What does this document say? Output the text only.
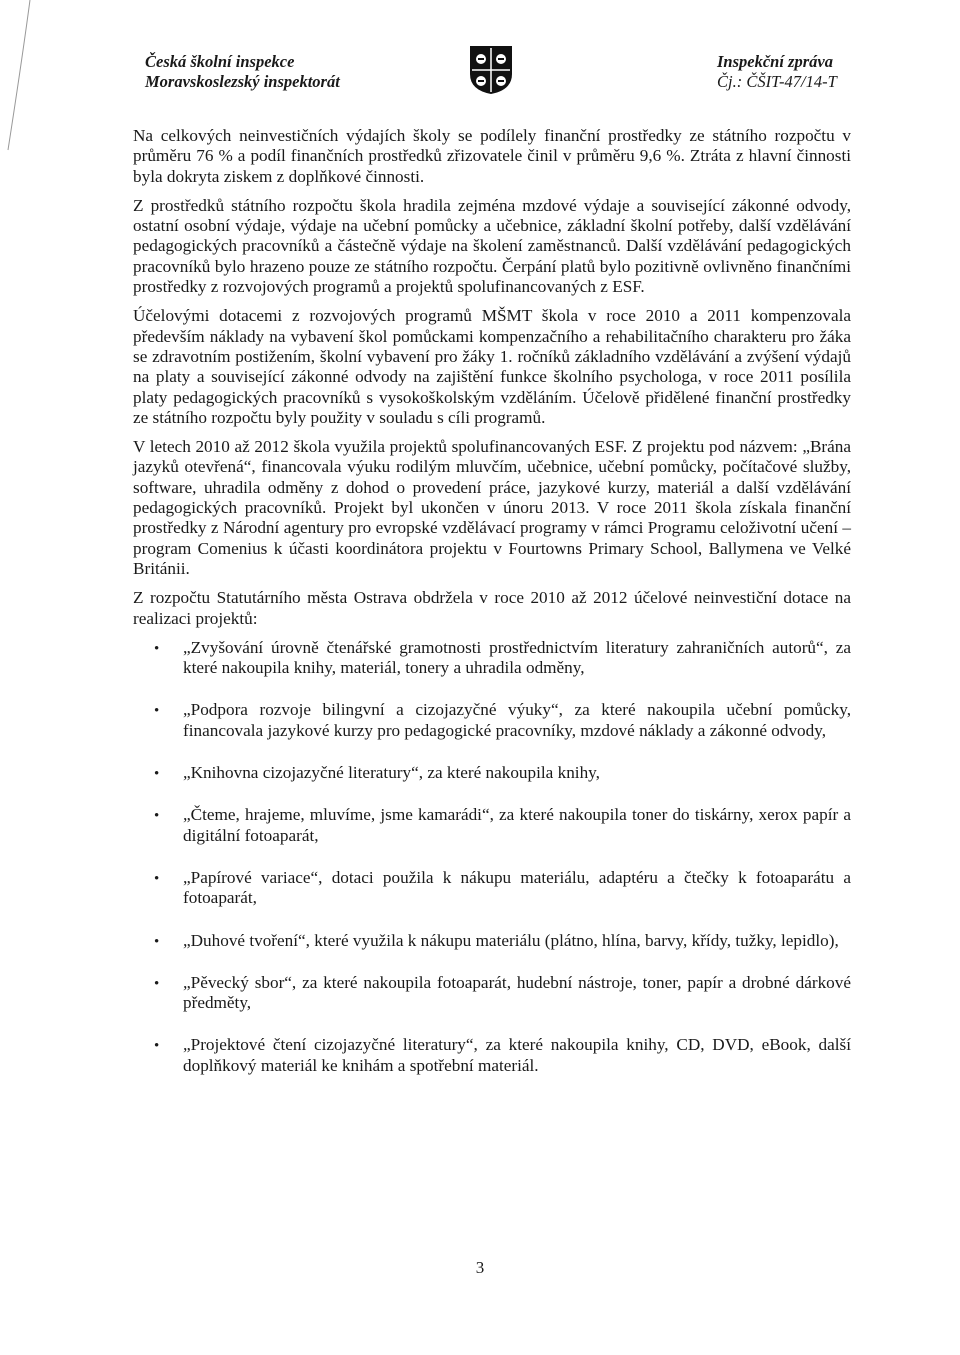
Česká školní inspekce
Moravskoslezský inspektorát
Inspekční zpráva
Čj.: ČŠIT-47/14-T

Na celkových neinvestičních výdajích školy se podílely finanční prostředky ze státního rozpočtu v průměru 76 % a podíl finančních prostředků zřizovatele činil v průměru 9,6 %. Ztráta z hlavní činnosti byla dokryta ziskem z doplňkové činnosti.

Z prostředků státního rozpočtu škola hradila zejména mzdové výdaje a související zákonné odvody, ostatní osobní výdaje, výdaje na učební pomůcky a učebnice, základní školní potřeby, další vzdělávání pedagogických pracovníků a částečně výdaje na školení zaměstnanců. Další vzdělávání pedagogických pracovníků bylo hrazeno pouze ze státního rozpočtu. Čerpání platů bylo pozitivně ovlivněno finančními prostředky z rozvojových programů a projektů spolufinancovaných z ESF.

Účelovými dotacemi z rozvojových programů MŠMT škola v roce 2010 a 2011 kompenzovala především náklady na vybavení škol pomůckami kompenzačního a rehabilitačního charakteru pro žáka se zdravotním postižením, školní vybavení pro žáky 1. ročníků základního vzdělávání a zvýšení výdajů na platy a související zákonné odvody na zajištění funkce školního psychologa, v roce 2011 posílila platy pedagogických pracovníků s vysokoškolským vzděláním. Účelově přidělené finanční prostředky ze státního rozpočtu byly použity v souladu s cíli programů.

V letech 2010 až 2012 škola využila projektů spolufinancovaných ESF. Z projektu pod názvem: „Brána jazyků otevřená“, financovala výuku rodilým mluvčím, učebnice, učební pomůcky, počítačové služby, software, uhradila odměny z dohod o provedení práce, jazykové kurzy, materiál a další vzdělávání pedagogických pracovníků. Projekt byl ukončen v únoru 2013. V roce 2011 škola získala finanční prostředky z Národní agentury pro evropské vzdělávací programy v rámci Programu celoživotní učení – program Comenius k účasti koordinátora projektu v Fourtowns Primary School, Ballymena ve Velké Británii.

Z rozpočtu Statutárního města Ostrava obdržela v roce 2010 až 2012 účelové neinvestiční dotace na realizaci projektů:

• „Zvyšování úrovně čtenářské gramotnosti prostřednictvím literatury zahraničních autorů“, za které nakoupila knihy, materiál, tonery a uhradila odměny,
• „Podpora rozvoje bilingvní a cizojazyčné výuky“, za které nakoupila učební pomůcky, financovala jazykové kurzy pro pedagogické pracovníky, mzdové náklady a zákonné odvody,
• „Knihovna cizojazyčné literatury“, za které nakoupila knihy,
• „Čteme, hrajeme, mluvíme, jsme kamarádi“, za které nakoupila toner do tiskárny, xerox papír a digitální fotoaparát,
• „Papírové variace“, dotaci použila k nákupu materiálu, adaptéru a čtečky k fotoaparátu a fotoaparát,
• „Duhové tvoření“, které využila k nákupu materiálu (plátno, hlína, barvy, křídy, tužky, lepidlo),
• „Pěvecký sbor“, za které nakoupila fotoaparát, hudební nástroje, toner, papír a drobné dárkové předměty,
• „Projektové čtení cizojazyčné literatury“, za které nakoupila knihy, CD, DVD, eBook, další doplňkový materiál ke knihám a spotřební materiál.
3
